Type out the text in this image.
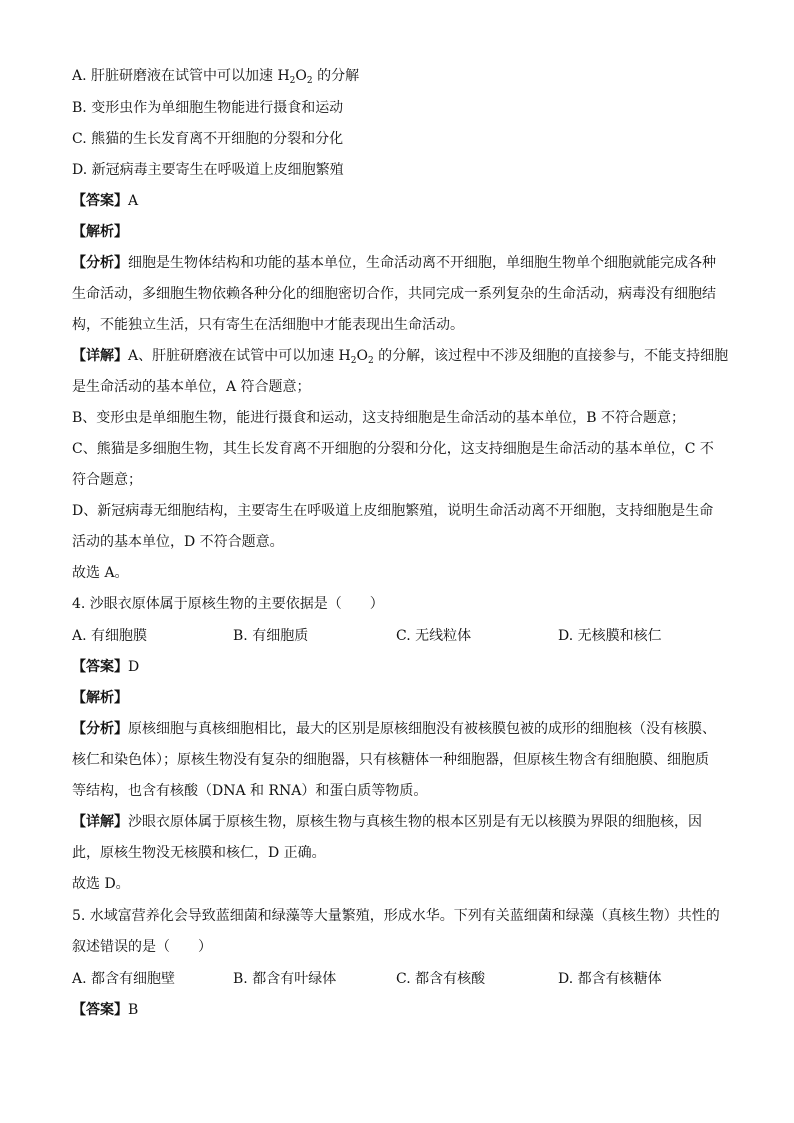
A. 肝脏研磨液在试管中可以加速 $H_2O_2$ 的分解
B. 变形虫作为单细胞生物能进行摄食和运动
C. 熊猫的生长发育离不开细胞的分裂和分化
D. 新冠病毒主要寄生在呼吸道上皮细胞繁殖
【答案】A
【解析】
【分析】细胞是生物体结构和功能的基本单位，生命活动离不开细胞，单细胞生物单个细胞就能完成各种
生命活动，多细胞生物依赖各种分化的细胞密切合作，共同完成一系列复杂的生命活动，病毒没有细胞结
构，不能独立生活，只有寄生在活细胞中才能表现出生命活动。
【详解】A、肝脏研磨液在试管中可以加速 $H_2O_2$ 的分解，该过程中不涉及细胞的直接参与，不能支持细胞
是生命活动的基本单位，A 符合题意；
B、变形虫是单细胞生物，能进行摄食和运动，这支持细胞是生命活动的基本单位，B 不符合题意；
C、熊猫是多细胞生物，其生长发育离不开细胞的分裂和分化，这支持细胞是生命活动的基本单位，C 不
符合题意；
D、新冠病毒无细胞结构，主要寄生在呼吸道上皮细胞繁殖，说明生命活动离不开细胞，支持细胞是生命
活动的基本单位，D 不符合题意。
故选 A。
4. 沙眼衣原体属于原核生物的主要依据是（　　）
A. 有细胞膜	B. 有细胞质	C. 无线粒体	D. 无核膜和核仁
【答案】D
【解析】
【分析】原核细胞与真核细胞相比，最大的区别是原核细胞没有被核膜包被的成形的细胞核（没有核膜、
核仁和染色体）；原核生物没有复杂的细胞器，只有核糖体一种细胞器，但原核生物含有细胞膜、细胞质
等结构，也含有核酸（DNA 和 RNA）和蛋白质等物质。
【详解】沙眼衣原体属于原核生物，原核生物与真核生物的根本区别是有无以核膜为界限的细胞核，因
此，原核生物没无核膜和核仁，D 正确。
故选 D。
5. 水域富营养化会导致蓝细菌和绿藻等大量繁殖，形成水华。下列有关蓝细菌和绿藻（真核生物）共性的
叙述错误的是（　　）
A. 都含有细胞壁	B. 都含有叶绿体	C. 都含有核酸	D. 都含有核糖体
【答案】B
